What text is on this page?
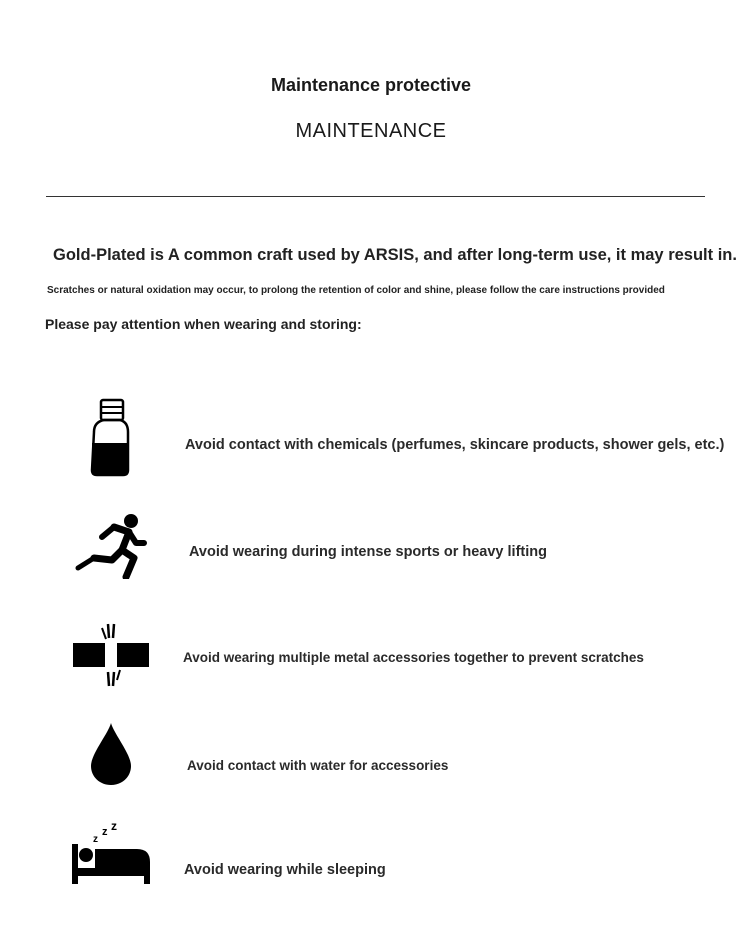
Maintenance protective
MAINTENANCE
Gold-Plated is A common craft used by ARSIS, and after long-term use, it may result in.
Scratches or natural oxidation may occur, to prolong the retention of color and shine, please follow the care instructions provided
Please pay attention when wearing and storing:
Avoid contact with chemicals (perfumes, skincare products, shower gels, etc.)
Avoid wearing during intense sports or heavy lifting
Avoid wearing multiple metal accessories together to prevent scratches
Avoid contact with water for accessories
z
z z
Avoid wearing while sleeping
